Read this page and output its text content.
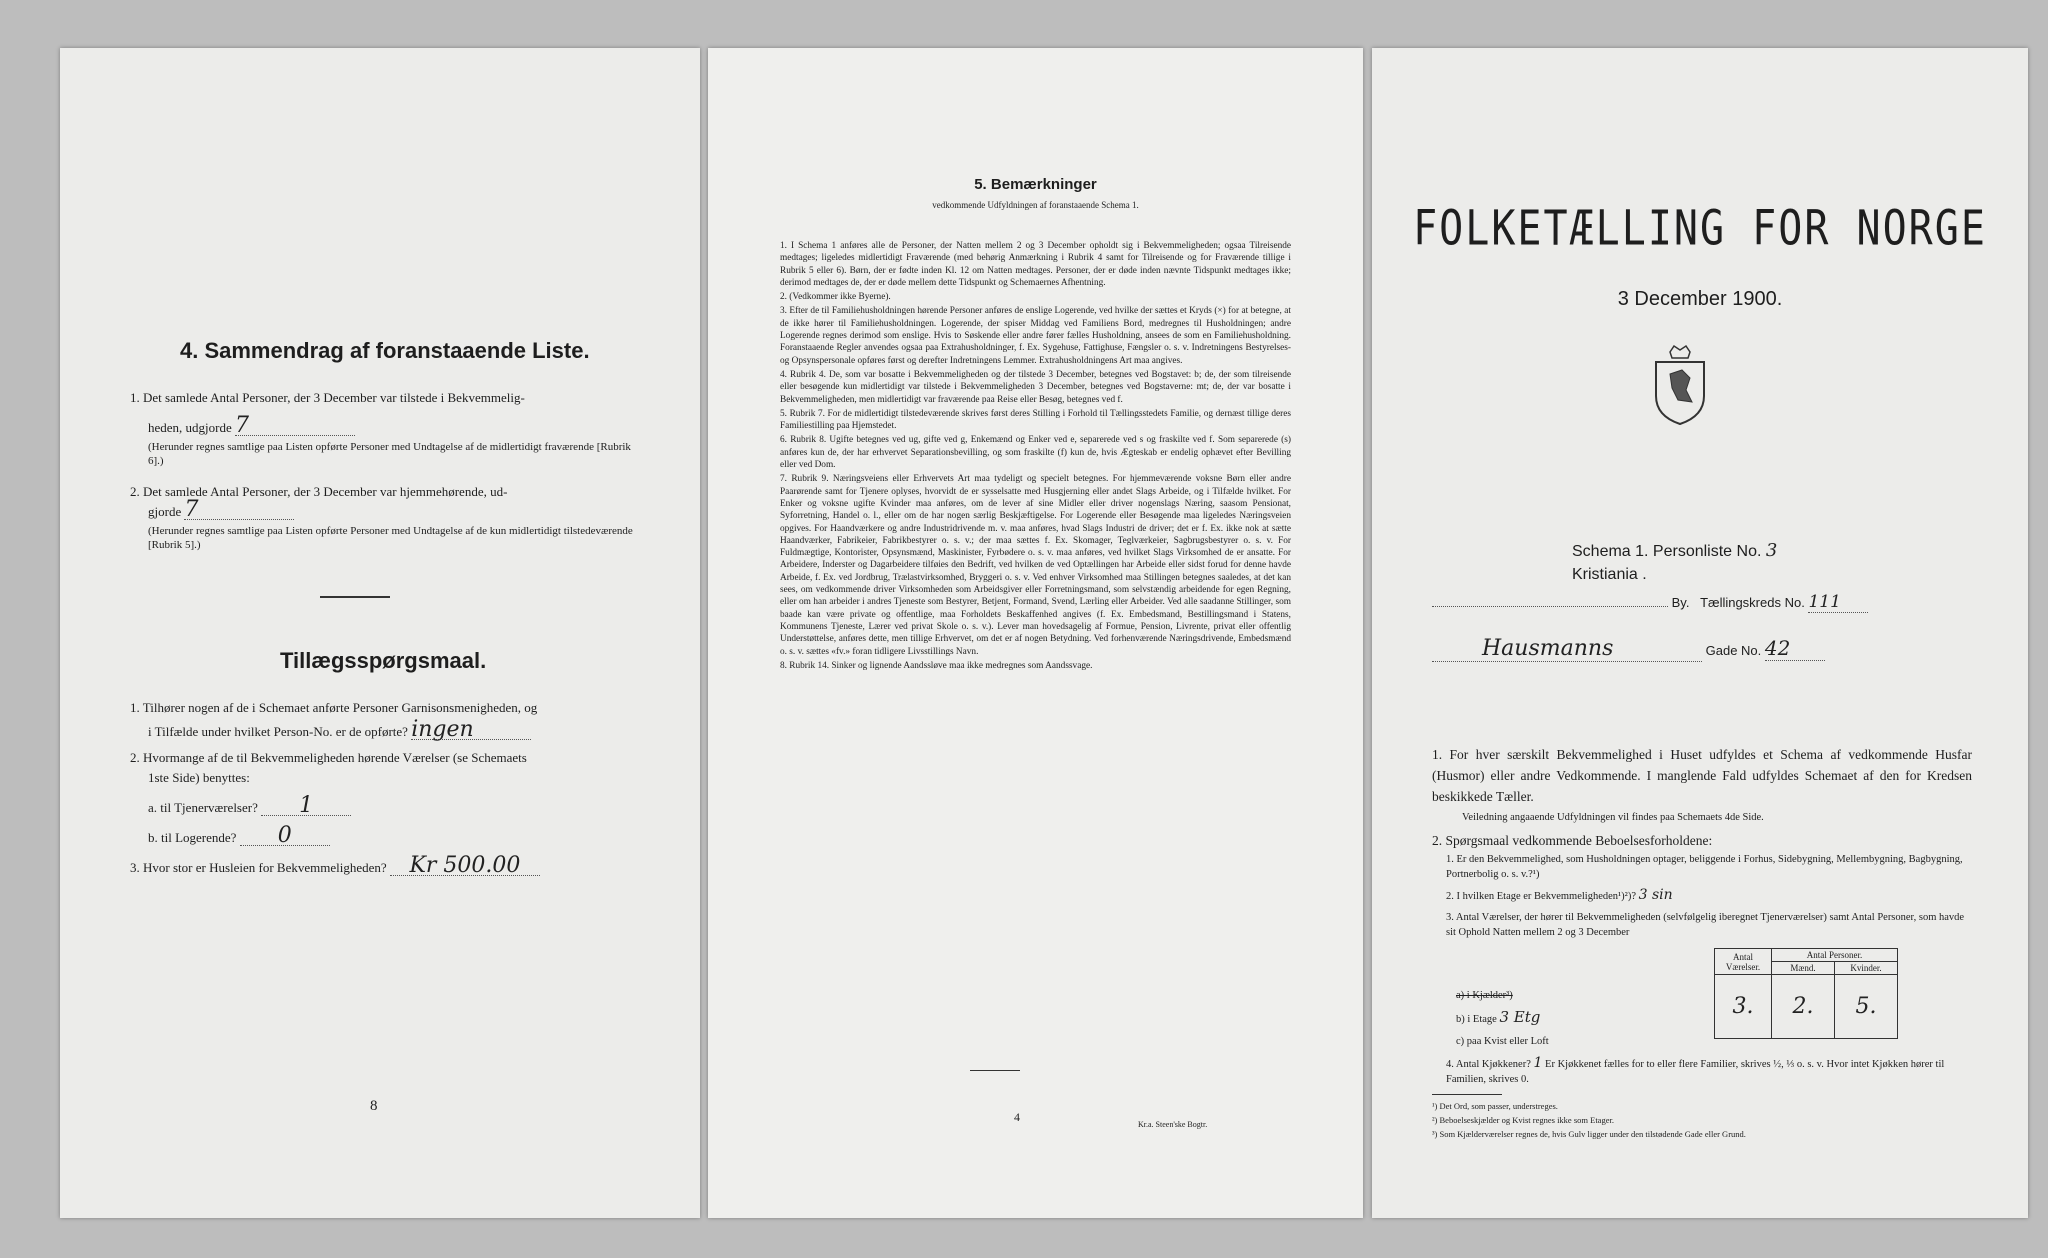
4. Sammendrag af foranstaaende Liste.
1. Det samlede Antal Personer, der 3 December var tilstede i Bekvemmelig-
heden, udgjorde 7
(Herunder regnes samtlige paa Listen opførte Personer med Undtagelse af de midlertidigt fraværende [Rubrik 6].)
2. Det samlede Antal Personer, der 3 December var hjemmehørende, ud-
gjorde 7
(Herunder regnes samtlige paa Listen opførte Personer med Undtagelse af de kun midlertidigt tilstedeværende [Rubrik 5].)
Tillægsspørgsmaal.
1. Tilhører nogen af de i Schemaet anførte Personer Garnisonsmenigheden, og
i Tilfælde under hvilket Person-No. er de opførte? ingen
2. Hvormange af de til Bekvemmeligheden hørende Værelser (se Schemaets
1ste Side) benyttes:
a. til Tjenerværelser? 1
b. til Logerende? 0
3. Hvor stor er Husleien for Bekvemmeligheden? Kr 500.00
8
5. Bemærkninger
vedkommende Udfyldningen af foranstaaende Schema 1.

1. I Schema 1 anføres alle de Personer, der Natten mellem 2 og 3 December opholdt sig i Bekvemmeligheden; ogsaa Tilreisende medtages; ligeledes midlertidigt Fraværende (med behørig Anmærkning i Rubrik 4 samt for Tilreisende og for Fraværende tillige i Rubrik 5 eller 6). Børn, der er fødte inden Kl. 12 om Natten medtages. Personer, der er døde inden nævnte Tidspunkt medtages ikke; derimod medtages de, der er døde mellem dette Tidspunkt og Schemaernes Afhentning.

2. (Vedkommer ikke Byerne).

3. Efter de til Familiehusholdningen hørende Personer anføres de enslige Logerende, ved hvilke der sættes et Kryds (×) for at betegne, at de ikke hører til Familiehusholdningen. Logerende, der spiser Middag ved Familiens Bord, medregnes til Husholdningen; andre Logerende regnes derimod som enslige. Hvis to Søskende eller andre fører fælles Husholdning, ansees de som en Familiehusholdning. Foranstaaende Regler anvendes ogsaa paa Extrahusholdninger, f. Ex. Sygehuse, Fattighuse, Fængsler o. s. v. Indretningens Bestyrelses- og Opsynspersonale opføres først og derefter Indretningens Lemmer. Extrahusholdningens Art maa angives.

4. Rubrik 4. De, som var bosatte i Bekvemmeligheden og der tilstede 3 December, betegnes ved Bogstavet: b; de, der som tilreisende eller besøgende kun midlertidigt var tilstede i Bekvemmeligheden 3 December, betegnes ved Bogstaverne: mt; de, der var bosatte i Bekvemmeligheden, men midlertidigt var fraværende paa Reise eller Besøg, betegnes ved f.

5. Rubrik 7. For de midlertidigt tilstedeværende skrives først deres Stilling i Forhold til Tællingsstedets Familie, og dernæst tillige deres Familiestilling paa Hjemstedet.

6. Rubrik 8. Ugifte betegnes ved ug, gifte ved g, Enkemænd og Enker ved e, separerede ved s og fraskilte ved f. Som separerede (s) anføres kun de, der har erhvervet Separationsbevilling, og som fraskilte (f) kun de, hvis Ægteskab er endelig ophævet efter Bevilling eller ved Dom.

7. Rubrik 9. Næringsveiens eller Erhvervets Art maa tydeligt og specielt betegnes. For hjemmeværende voksne Børn eller andre Paarørende samt for Tjenere oplyses, hvorvidt de er sysselsatte med Husgjerning eller andet Slags Arbeide, og i Tilfælde hvilket. For Enker og voksne ugifte Kvinder maa anføres, om de lever af sine Midler eller driver nogenslags Næring, saasom Pensionat, Syforretning, Handel o. l., eller om de har nogen særlig Beskjæftigelse. For Logerende eller Besøgende maa ligeledes Næringsveien opgives. For Haandværkere og andre Industridrivende m. v. maa anføres, hvad Slags Industri de driver; det er f. Ex. ikke nok at sætte Haandværker, Fabrikeier, Fabrikbestyrer o. s. v.; der maa sættes f. Ex. Skomager, Teglværkeier, Sagbrugsbestyrer o. s. v. For Fuldmægtige, Kontorister, Opsynsmænd, Maskinister, Fyrbødere o. s. v. maa anføres, ved hvilket Slags Virksomhed de er ansatte. For Arbeidere, Inderster og Dagarbeidere tilføies den Bedrift, ved hvilken de ved Optællingen har Arbeide eller sidst forud for denne havde Arbeide, f. Ex. ved Jordbrug, Trælastvirksomhed, Bryggeri o. s. v. Ved enhver Virksomhed maa Stillingen betegnes saaledes, at det kan sees, om vedkommende driver Virksomheden som Arbeidsgiver eller Forretningsmand, som selvstændig arbeidende for egen Regning, eller om han arbeider i andres Tjeneste som Bestyrer, Betjent, Formand, Svend, Lærling eller Arbeider. Ved alle saadanne Stillinger, som baade kan være private og offentlige, maa Forholdets Beskaffenhed angives (f. Ex. Embedsmand, Bestillingsmand i Statens, Kommunens Tjeneste, Lærer ved privat Skole o. s. v.). Lever man hovedsagelig af Formue, Pension, Livrente, privat eller offentlig Understøttelse, anføres dette, men tillige Erhvervet, om det er af nogen Betydning. Ved forhenværende Næringsdrivende, Embedsmænd o. s. v. sættes «fv.» foran tidligere Livsstillings Navn.

8. Rubrik 14. Sinker og lignende Aandssløve maa ikke medregnes som Aandssvage.

4
Kr.a. Steen'ske Bogtr.
FOLKETÆLLING FOR NORGE
3 December 1900.
Schema 1. Personliste No. 3
Kristiania .
By. Tællingskreds No. 111
Hausmanns	Gade No. 42
1. For hver særskilt Bekvemmelighed i Huset udfyldes et Schema af vedkommende Husfar (Husmor) eller andre Vedkommende. I manglende Fald udfyldes Schemaet af den for Kredsen beskikkede Tæller.
Veiledning angaaende Udfyldningen vil findes paa Schemaets 4de Side.
2. Spørgsmaal vedkommende Beboelsesforholdene:
1. Er den Bekvemmelighed, som Husholdningen optager, beliggende i Forhus, Sidebygning, Mellembygning, Bagbygning, Portnerbolig o. s. v.?¹)
2. I hvilken Etage er Bekvemmeligheden¹)²)? 3 sin
3. Antal Værelser, der hører til Bekvemmeligheden (selvfølgelig iberegnet Tjenerværelser) samt Antal Personer, som havde sit Ophold Natten mellem 2 og 3 December
Antal Værelser.	Antal Personer.	
	Mænd.	Kvinder.
3.	2.	5.
a) i Kjælder³)
b) i Etage 3 Etg
c) paa Kvist eller Loft
4. Antal Kjøkkener? 1 Er Kjøkkenet fælles for to eller flere Familier, skrives ½, ⅓ o. s. v. Hvor intet Kjøkken hører til Familien, skrives 0.
¹) Det Ord, som passer, understreges.
²) Beboelseskjælder og Kvist regnes ikke som Etager.
³) Som Kjælderværelser regnes de, hvis Gulv ligger under den tilstødende Gade eller Grund.
